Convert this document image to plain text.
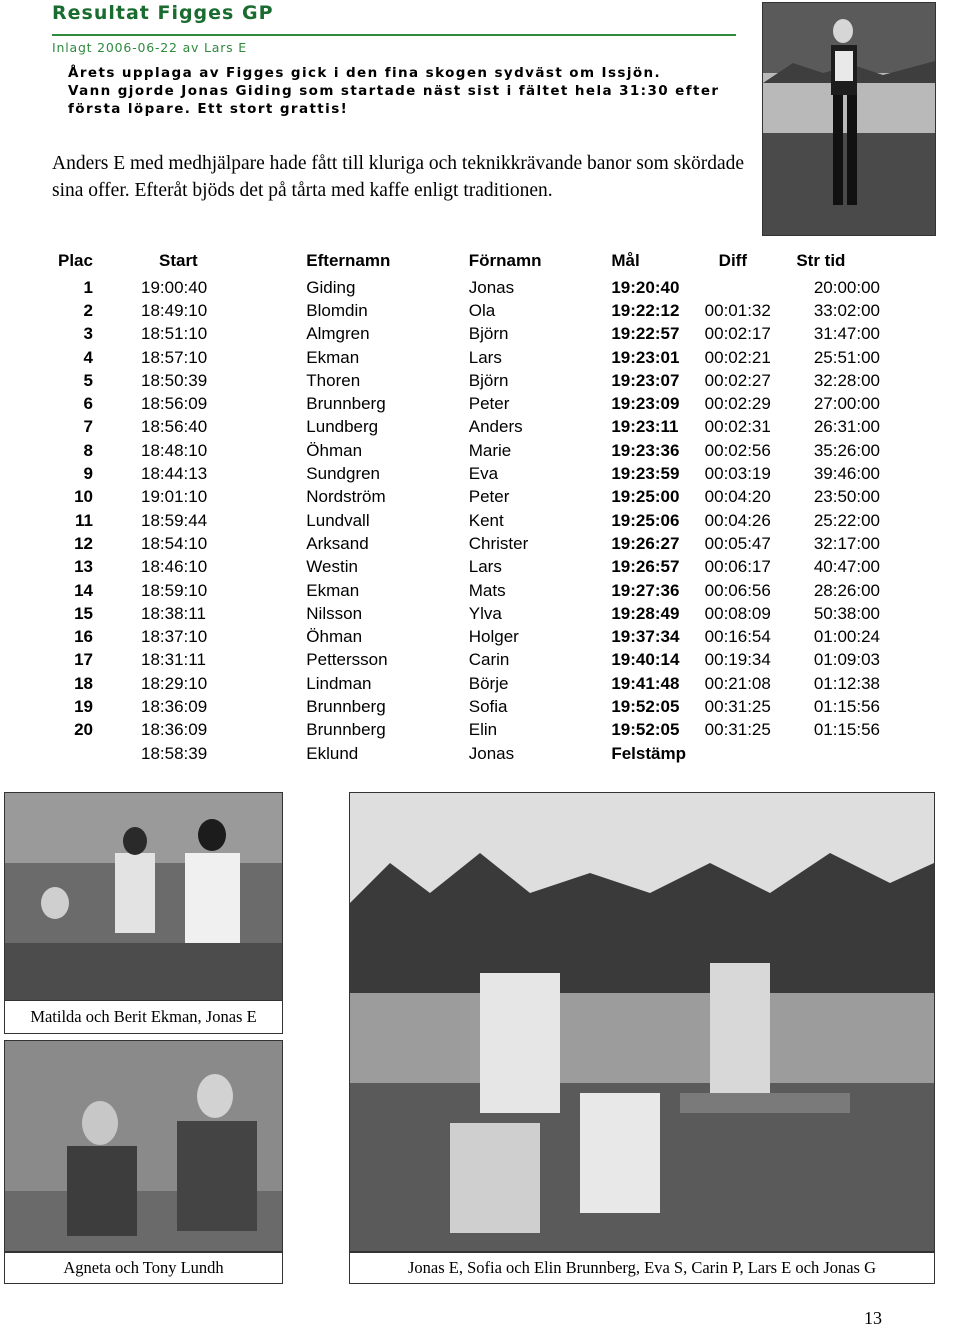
Resultat Figges GP
Inlagt 2006-06-22 av Lars E

Årets upplaga av Figges gick i den fina skogen sydväst om Issjön.

Vann gjorde Jonas Giding som startade näst sist i fältet hela 31:30 efter

första löpare. Ett stort grattis!

Anders E med medhjälpare hade fått till kluriga och teknikkrävande banor som skördade sina offer. Efteråt bjöds det på tårta med kaffe enligt traditionen.
Plac	Start	Efternamn	Förnamn	Mål	Diff	Str tid
1	19:00:40	Giding	Jonas	19:20:40		20:00:00
2	18:49:10	Blomdin	Ola	19:22:12	00:01:32	33:02:00
3	18:51:10	Almgren	Björn	19:22:57	00:02:17	31:47:00
4	18:57:10	Ekman	Lars	19:23:01	00:02:21	25:51:00
5	18:50:39	Thoren	Björn	19:23:07	00:02:27	32:28:00
6	18:56:09	Brunnberg	Peter	19:23:09	00:02:29	27:00:00
7	18:56:40	Lundberg	Anders	19:23:11	00:02:31	26:31:00
8	18:48:10	Öhman	Marie	19:23:36	00:02:56	35:26:00
9	18:44:13	Sundgren	Eva	19:23:59	00:03:19	39:46:00
10	19:01:10	Nordström	Peter	19:25:00	00:04:20	23:50:00
11	18:59:44	Lundvall	Kent	19:25:06	00:04:26	25:22:00
12	18:54:10	Arksand	Christer	19:26:27	00:05:47	32:17:00
13	18:46:10	Westin	Lars	19:26:57	00:06:17	40:47:00
14	18:59:10	Ekman	Mats	19:27:36	00:06:56	28:26:00
15	18:38:11	Nilsson	Ylva	19:28:49	00:08:09	50:38:00
16	18:37:10	Öhman	Holger	19:37:34	00:16:54	01:00:24
17	18:31:11	Pettersson	Carin	19:40:14	00:19:34	01:09:03
18	18:29:10	Lindman	Börje	19:41:48	00:21:08	01:12:38
19	18:36:09	Brunnberg	Sofia	19:52:05	00:31:25	01:15:56
20	18:36:09	Brunnberg	Elin	19:52:05	00:31:25	01:15:56
	18:58:39	Eklund	Jonas	Felstämp		
Matilda och Berit Ekman, Jonas E
Agneta och Tony Lundh	Jonas E, Sofia och Elin Brunnberg, Eva S, Carin P, Lars E och Jonas G
13
